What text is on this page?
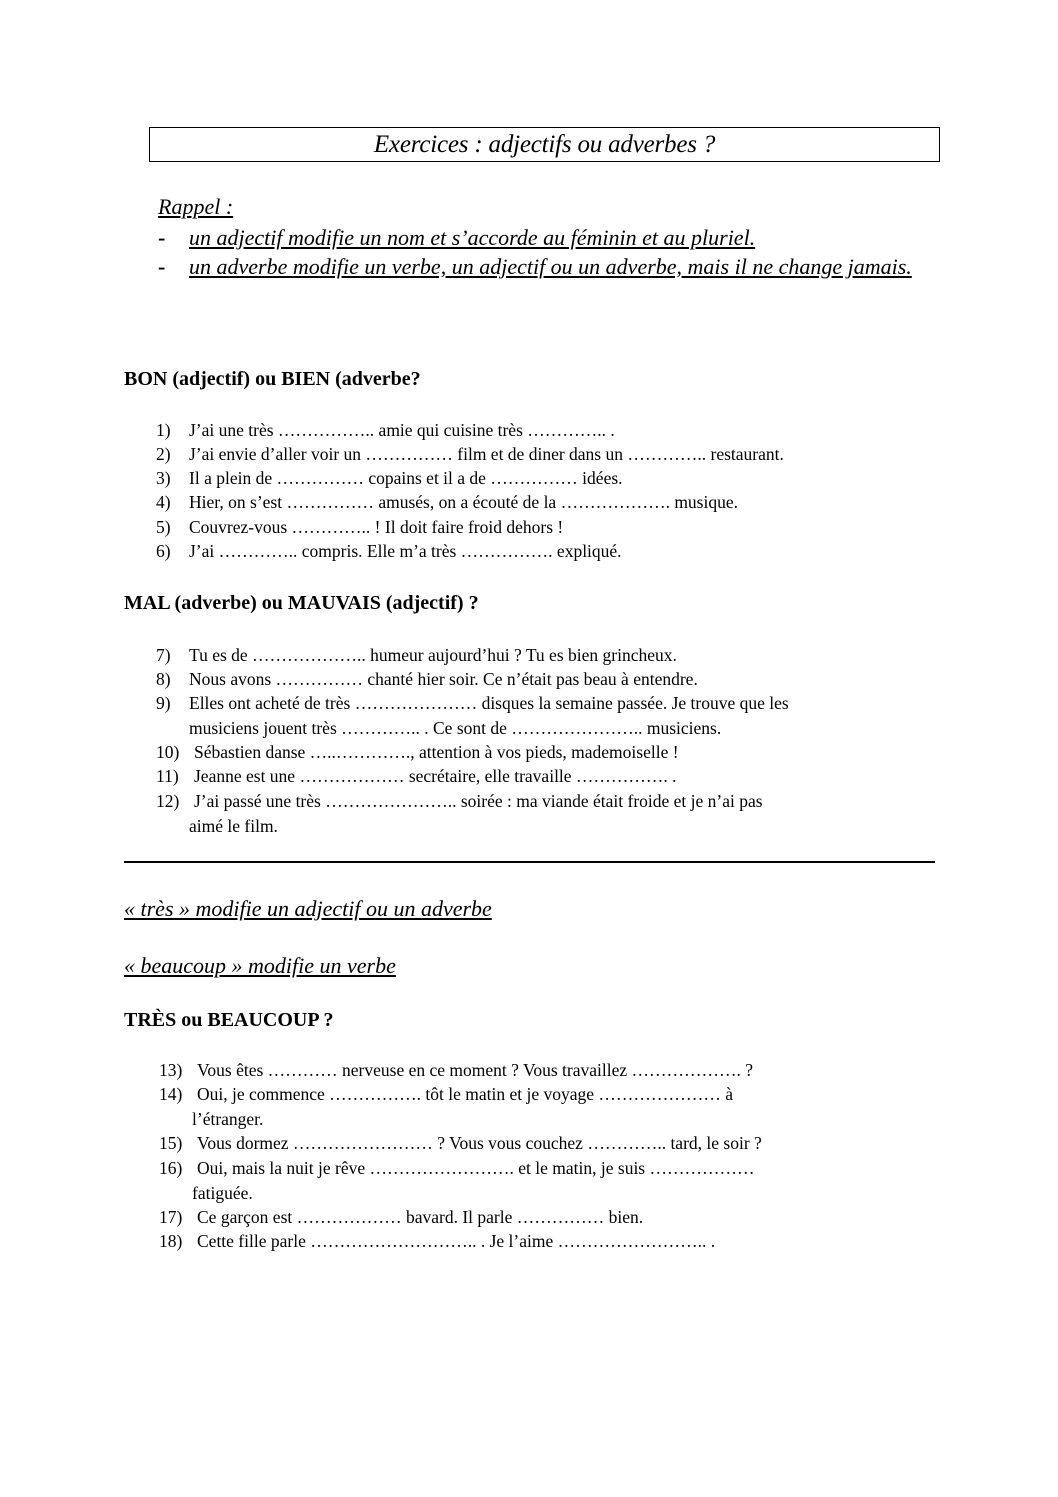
Exercices : adjectifs ou adverbes ?
Rappel :
- un adjectif modifie un nom et s’accorde au féminin et au pluriel.
- un adverbe modifie un verbe, un adjectif ou un adverbe, mais il ne change jamais.
BON (adjectif) ou BIEN (adverbe?
1) J’ai une très …………….. amie qui cuisine très ………….. .
2) J’ai envie d’aller voir un …………… film et de diner dans un ………….. restaurant.
3) Il a plein de …………… copains et il a de …………… idées.
4) Hier, on s’est …………… amusés, on a écouté de la ………………. musique.
5) Couvrez-vous ………….. ! Il doit faire froid dehors !
6) J’ai ………….. compris. Elle m’a très ……………. expliqué.
MAL (adverbe) ou MAUVAIS (adjectif) ?
7) Tu es de ……………….. humeur aujourd’hui ? Tu es bien grincheux.
8) Nous avons …………… chanté hier soir. Ce n’était pas beau à entendre.
9) Elles ont acheté de très ………………… disques la semaine passée. Je trouve que les
musiciens jouent très ………….. . Ce sont de ………………….. musiciens.
10) Sébastien danse …..…………., attention à vos pieds, mademoiselle !
11) Jeanne est une ……………… secrétaire, elle travaille ……………. .
12) J’ai passé une très ………………….. soirée : ma viande était froide et je n’ai pas
aimé le film.
« très » modifie un adjectif ou un adverbe
« beaucoup » modifie un verbe
TRÈS ou BEAUCOUP ?
13) Vous êtes ………… nerveuse en ce moment ? Vous travaillez ………………. ?
14) Oui, je commence ……………. tôt le matin et je voyage ………………… à
l’étranger.
15) Vous dormez …………………… ? Vous vous couchez ………….. tard, le soir ?
16) Oui, mais la nuit je rêve ……………………. et le matin, je suis ………………
fatiguée.
17) Ce garçon est ……………… bavard. Il parle …………… bien.
18) Cette fille parle ……………………….. . Je l’aime …………………….. .
